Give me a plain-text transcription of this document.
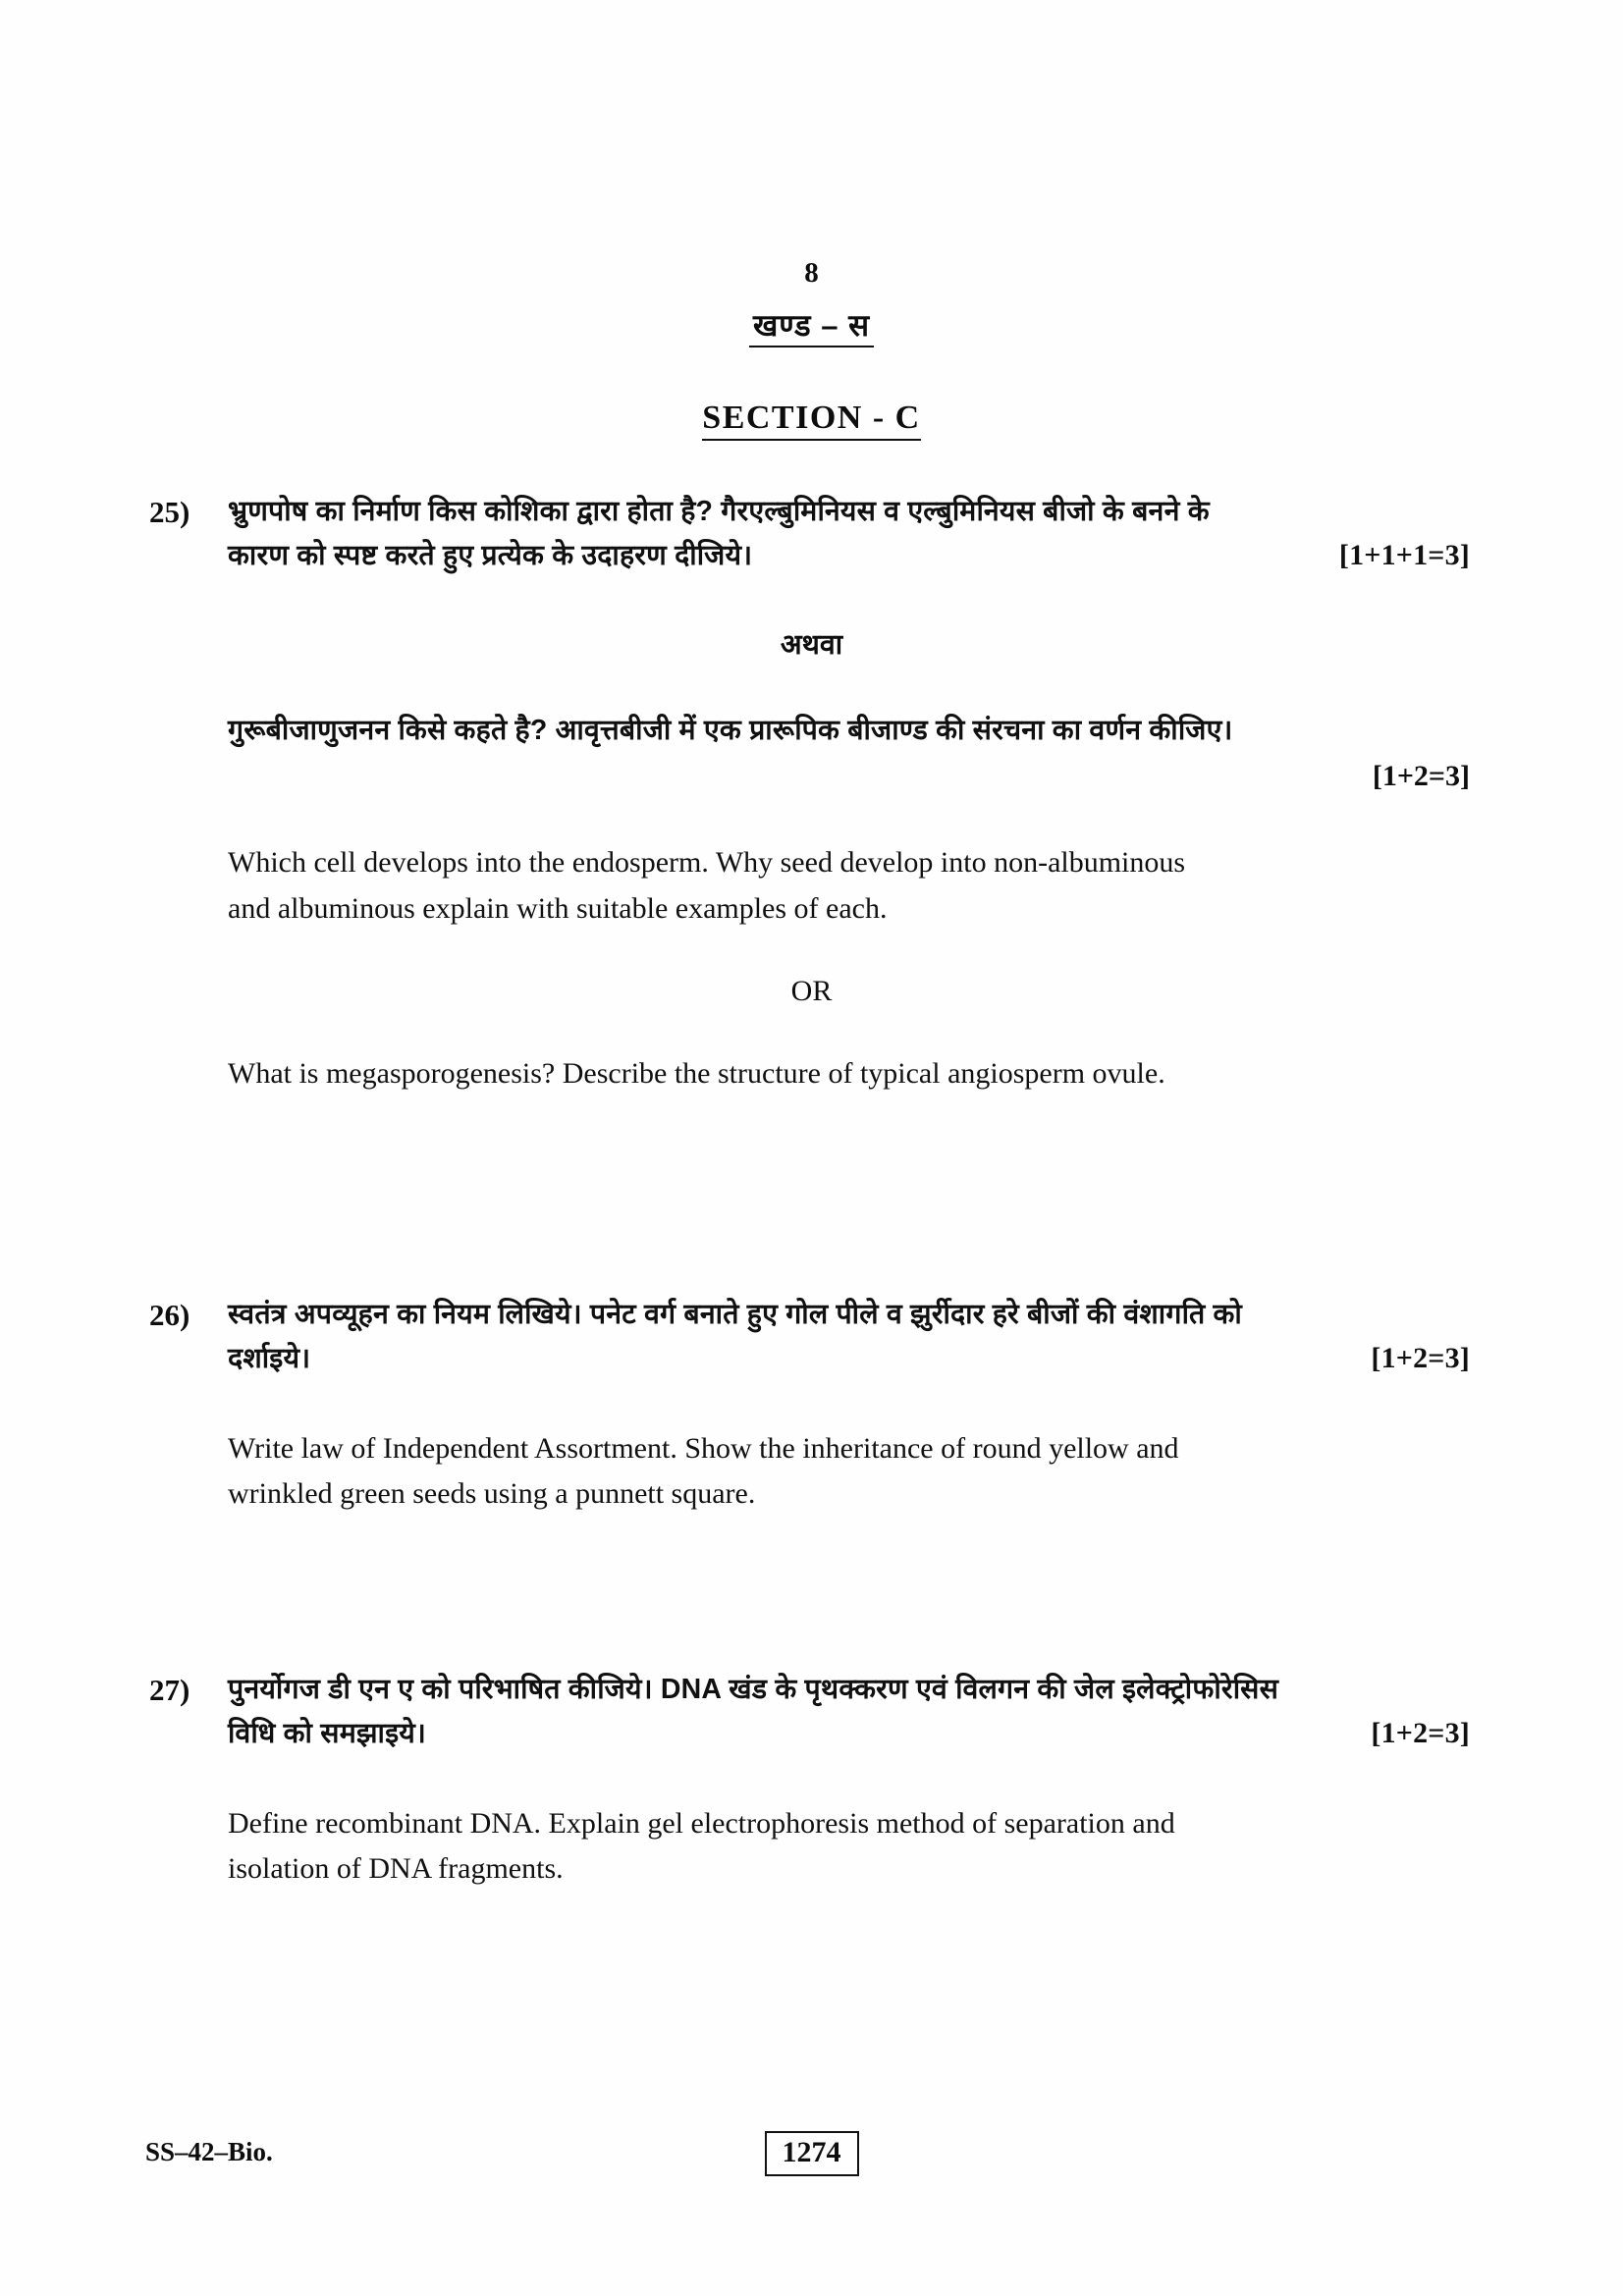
8
खण्ड – स
SECTION - C
25)	भ्रुणपोष का निर्माण किस कोशिका द्वारा होता है? गैरएल्बुमिनियस व एल्बुमिनियस बीजो के बनने के
कारण को स्पष्ट करते हुए प्रत्येक के उदाहरण दीजिये।	[1+1+1=3]
अथवा
गुरूबीजाणुजनन किसे कहते है? आवृत्तबीजी में एक प्रारूपिक बीजाण्ड की संरचना का वर्णन कीजिए।
[1+2=3]
Which cell develops into the endosperm. Why seed develop into non-albuminous
and albuminous explain with suitable examples of each.
OR
What is megasporogenesis? Describe the structure of typical angiosperm ovule.
26)	स्वतंत्र अपव्यूहन का नियम लिखिये। पनेट वर्ग बनाते हुए गोल पीले व झुर्रीदार हरे बीजों की वंशागति को
दर्शाइये।	[1+2=3]
Write law of Independent Assortment. Show the inheritance of round yellow and
wrinkled green seeds using a punnett square.
27)	पुनर्योगज डी एन ए को परिभाषित कीजिये। DNA खंड के पृथक्करण एवं विलगन की जेल इलेक्ट्रोफोरेसिस
विधि को समझाइये।	[1+2=3]
Define recombinant DNA. Explain gel electrophoresis method of separation and
isolation of DNA fragments.
SS–42–Bio.	1274
